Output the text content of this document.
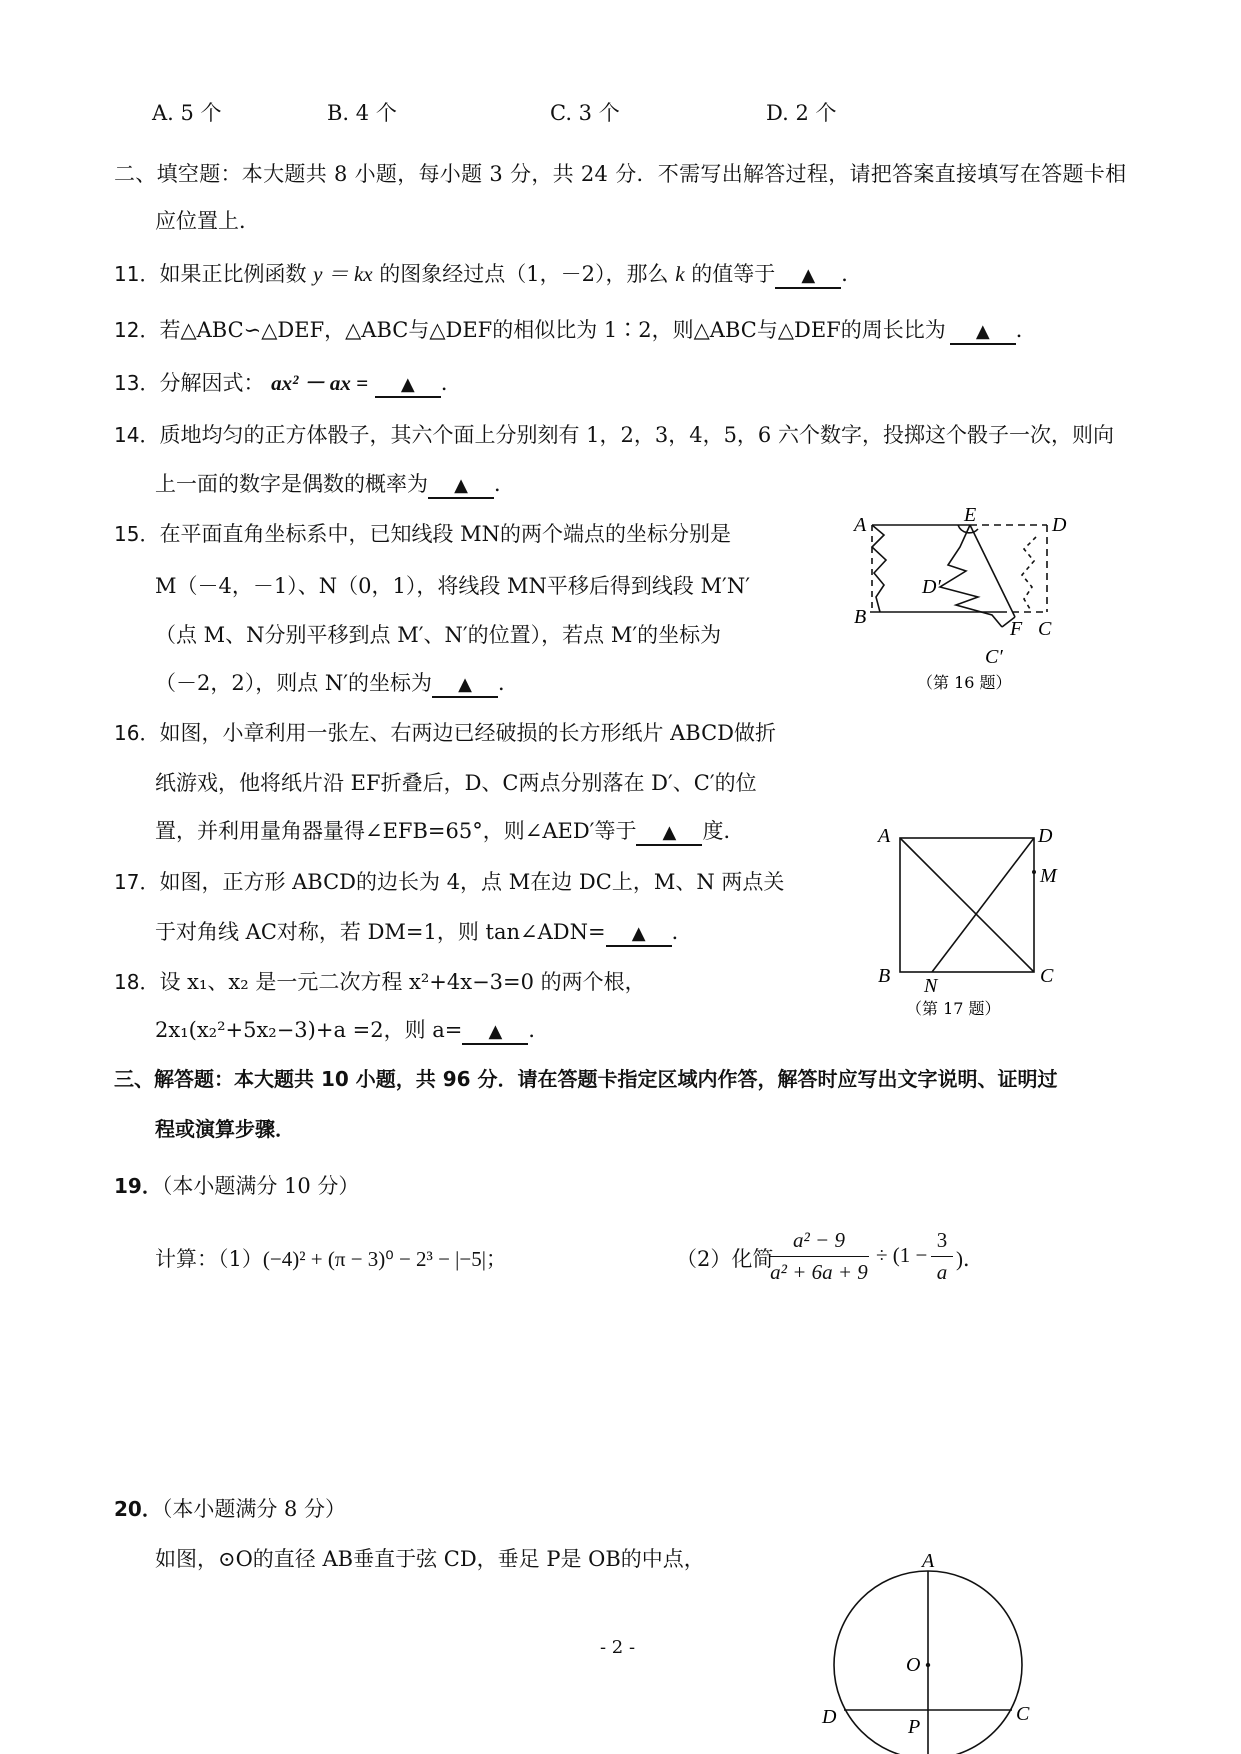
A. 5 个	B. 4 个	C. 3 个	D. 2 个
二、填空题：本大题共 8 小题，每小题 3 分，共 24 分．不需写出解答过程，请把答案直接填写在答题卡相
应位置上．
11．如果正比例函数 y ＝ kx 的图象经过点（1，－2），那么 k 的值等于 ▲ ．
12．若△ABC∽△DEF，△ABC与△DEF的相似比为 1∶2，则△ABC与△DEF的周长比为 ▲ ．
13．分解因式： ax² － ax = ▲ ．
14．质地均匀的正方体骰子，其六个面上分别刻有 1，2，3，4，5，6 六个数字，投掷这个骰子一次，则向
上一面的数字是偶数的概率为 ▲ ．
15．在平面直角坐标系中，已知线段 MN的两个端点的坐标分别是
M（－4，－1）、N（0，1），将线段 MN平移后得到线段 M′N′
（点 M、N分别平移到点 M′、N′的位置），若点 M′的坐标为
（－2，2），则点 N′的坐标为 ▲ ．
16．如图，小章利用一张左、右两边已经破损的长方形纸片 ABCD做折
纸游戏，他将纸片沿 EF折叠后，D、C两点分别落在 D′、C′的位
置，并利用量角器量得∠EFB=65°，则∠AED′等于 ▲ 度．
17．如图，正方形 ABCD的边长为 4，点 M在边 DC上，M、N 两点关
于对角线 AC对称，若 DM=1，则 tan∠ADN= ▲ ．
18．设 x₁、x₂ 是一元二次方程 x²+4x−3=0 的两个根，
2x₁(x₂²+5x₂−3)+a =2，则 a= ▲ ．
三、解答题：本大题共 10 小题，共 96 分．请在答题卡指定区域内作答，解答时应写出文字说明、证明过
程或演算步骤．
19．（本小题满分 10 分）
计算：（1）(−4)² + (π − 3)⁰ − 2³ − |−5|；	（2）化简
a² − 9
a² + 6a + 9
÷ (1 −
3
a
)．
20．（本小题满分 8 分）
如图，⊙O的直径 AB垂直于弦 CD，垂足 P是 OB的中点，
- 2 -
A	E	D
D′
B
F C
C′
（第 16 题）
A	D
M
B N	C
（第 17 题）
A
O
D	P
C
